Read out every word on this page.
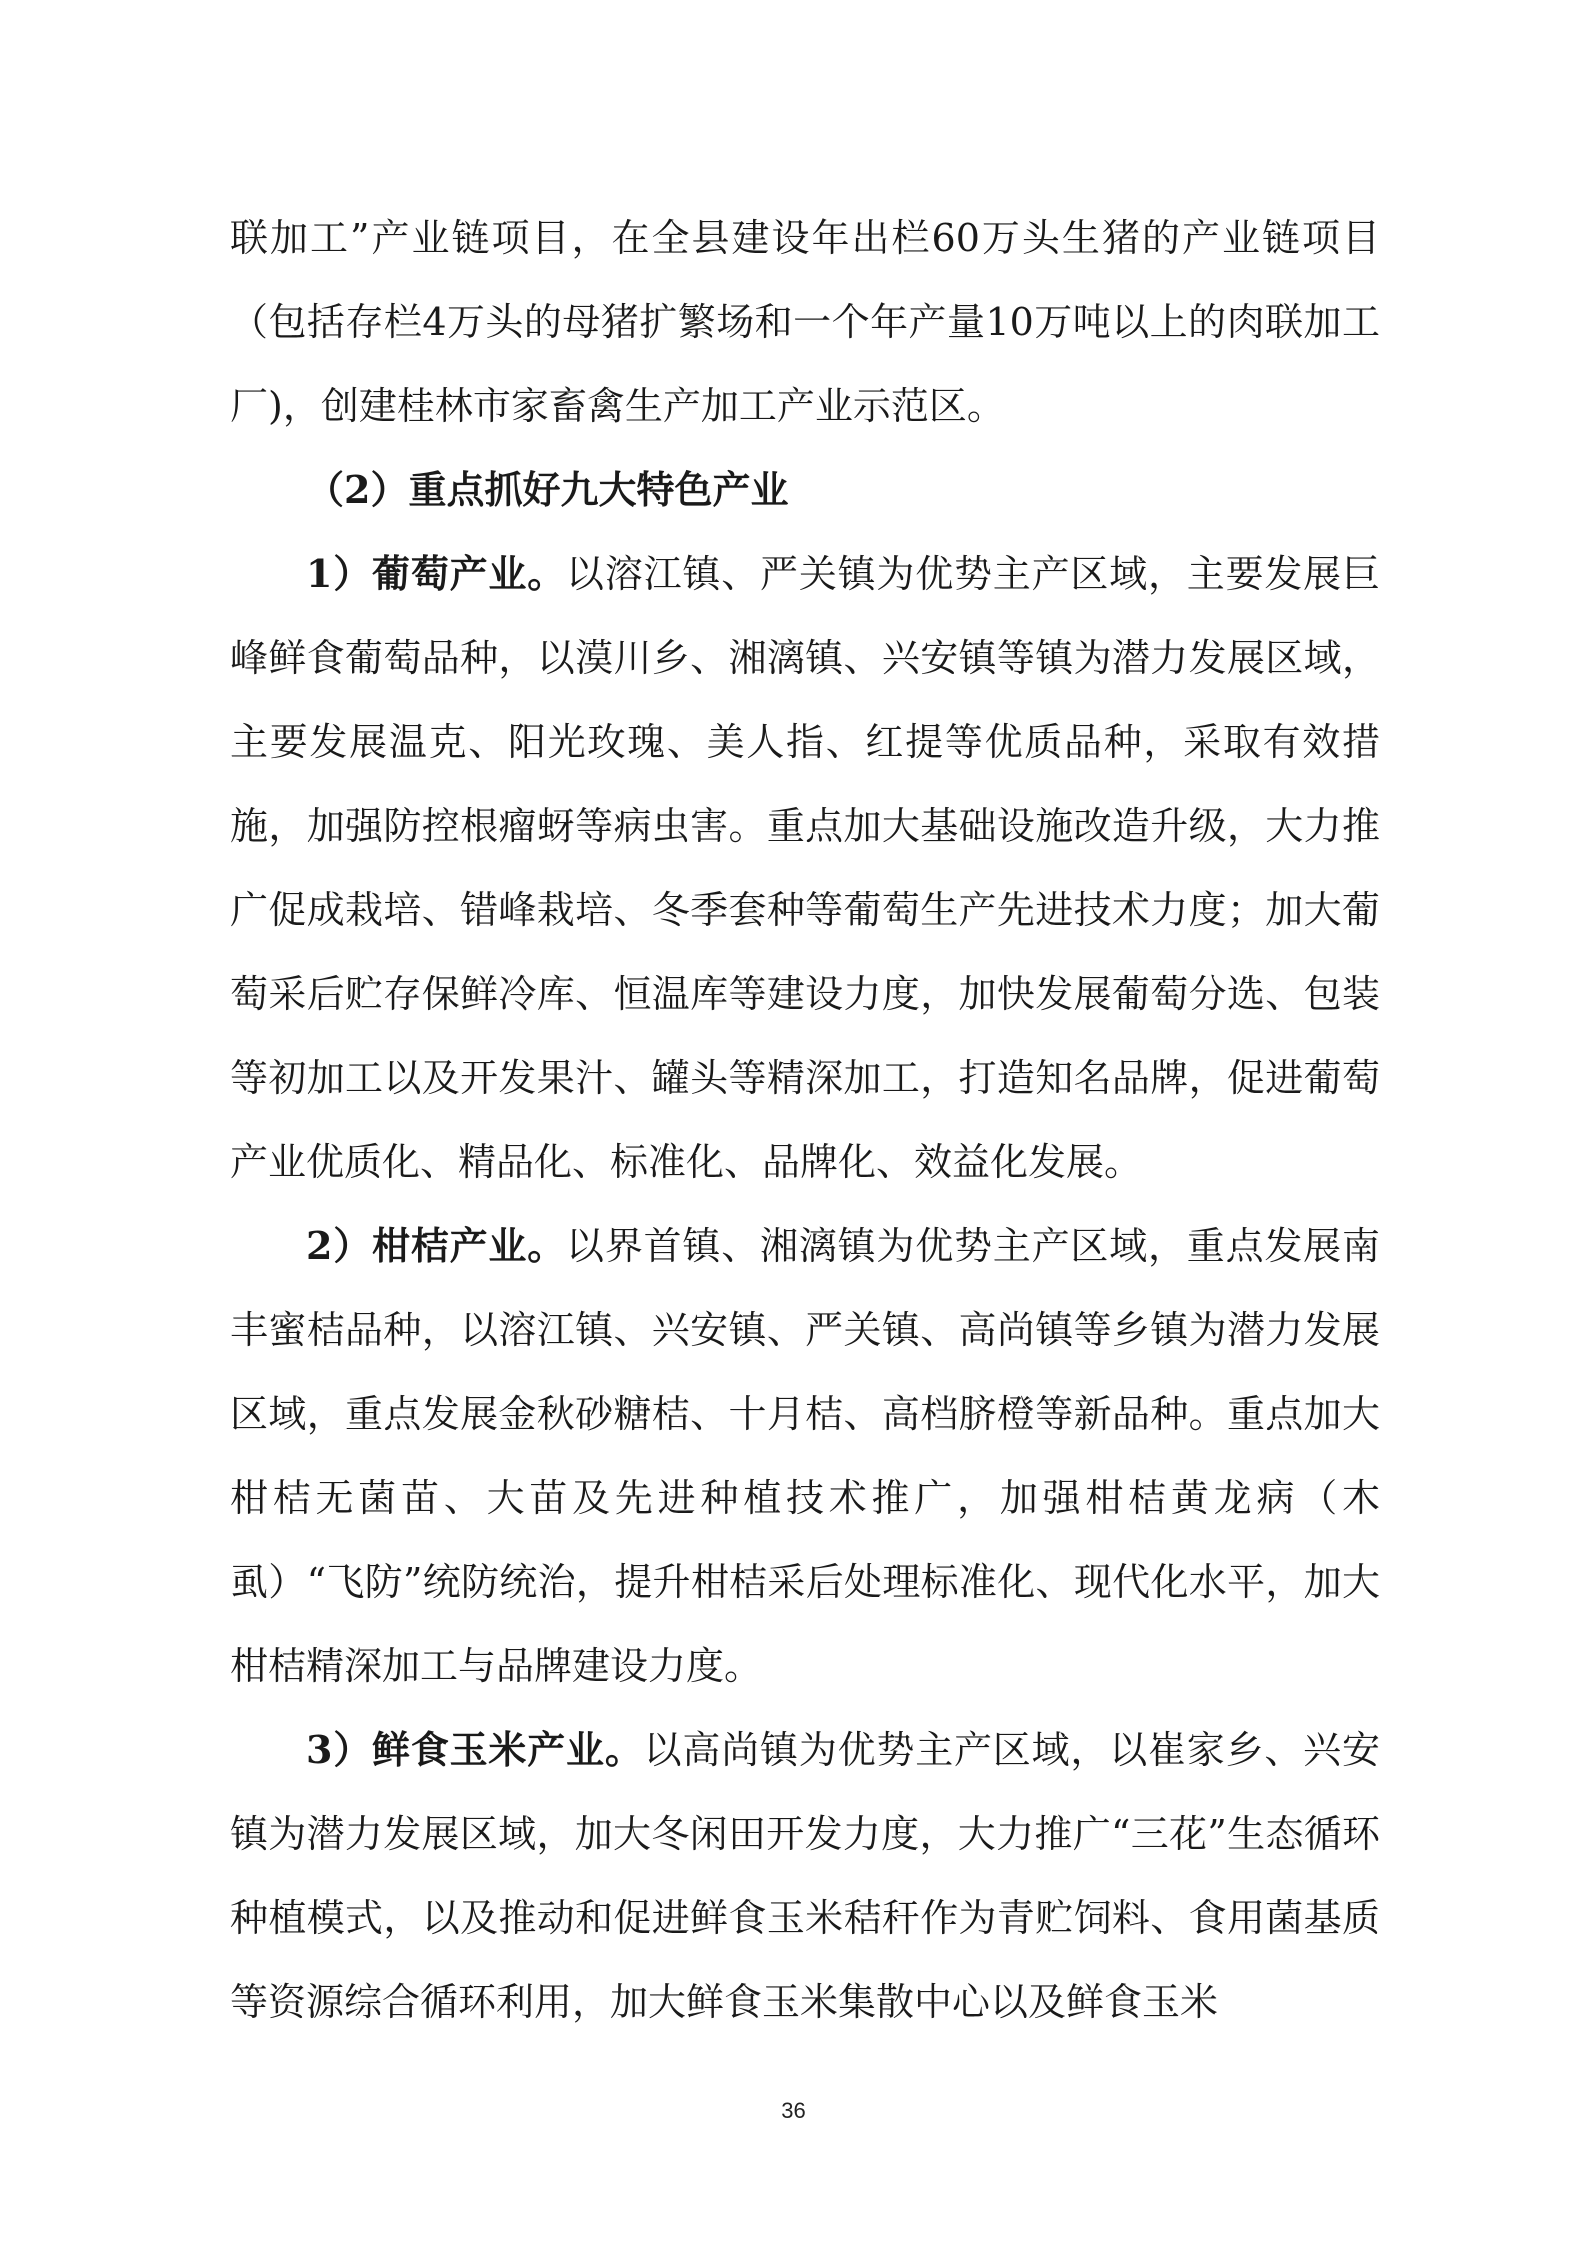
联加工”产业链项目，在全县建设年出栏60万头生猪的产业链项目（包括存栏4万头的母猪扩繁场和一个年产量10万吨以上的肉联加工厂)，创建桂林市家畜禽生产加工产业示范区。

（2）重点抓好九大特色产业

1）葡萄产业。以溶江镇、严关镇为优势主产区域，主要发展巨峰鲜食葡萄品种，以漠川乡、湘漓镇、兴安镇等镇为潜力发展区域，主要发展温克、阳光玫瑰、美人指、红提等优质品种，采取有效措施，加强防控根瘤蚜等病虫害。重点加大基础设施改造升级，大力推广促成栽培、错峰栽培、冬季套种等葡萄生产先进技术力度；加大葡萄采后贮存保鲜冷库、恒温库等建设力度，加快发展葡萄分选、包装等初加工以及开发果汁、罐头等精深加工，打造知名品牌，促进葡萄产业优质化、精品化、标准化、品牌化、效益化发展。

2）柑桔产业。以界首镇、湘漓镇为优势主产区域，重点发展南丰蜜桔品种，以溶江镇、兴安镇、严关镇、高尚镇等乡镇为潜力发展区域，重点发展金秋砂糖桔、十月桔、高档脐橙等新品种。重点加大柑桔无菌苗、大苗及先进种植技术推广，加强柑桔黄龙病（木虱）“飞防”统防统治，提升柑桔采后处理标准化、现代化水平，加大柑桔精深加工与品牌建设力度。

3）鲜食玉米产业。以高尚镇为优势主产区域，以崔家乡、兴安镇为潜力发展区域，加大冬闲田开发力度，大力推广“三花”生态循环种植模式，以及推动和促进鲜食玉米秸秆作为青贮饲料、食用菌基质等资源综合循环利用，加大鲜食玉米集散中心以及鲜食玉米

36
